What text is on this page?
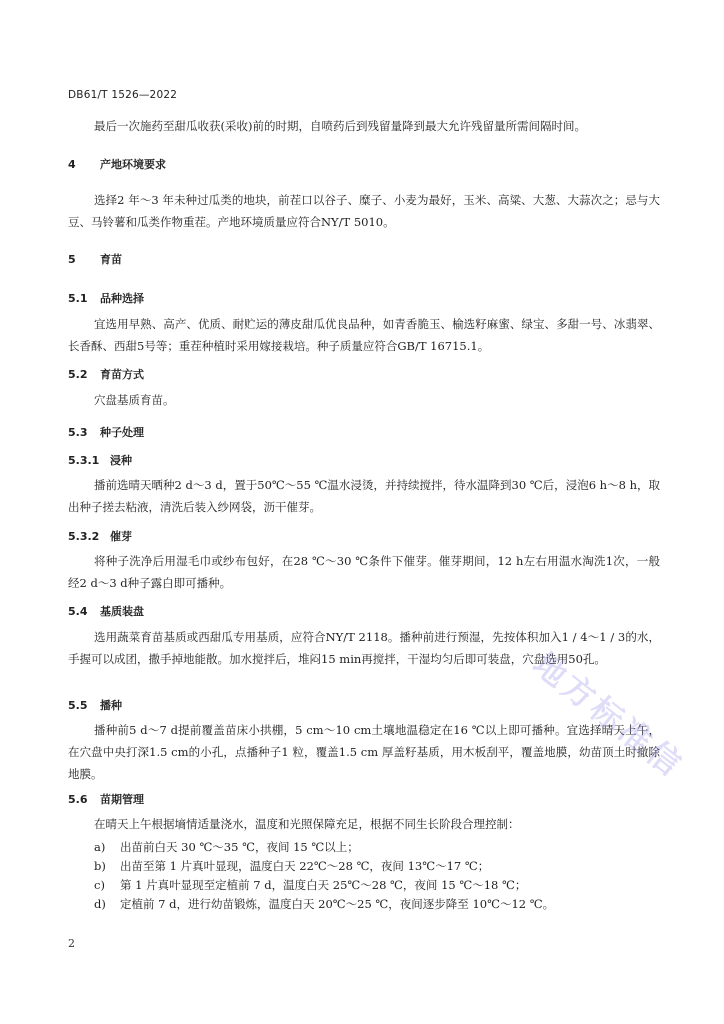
DB61/T 1526—2022

最后一次施药至甜瓜收获(采收)前的时期，自喷药后到残留量降到最大允许残留量所需间隔时间。

4 产地环境要求

选择2 年～3 年未种过瓜类的地块，前茬口以谷子、糜子、小麦为最好，玉米、高粱、大葱、大蒜次之；忌与大豆、马铃薯和瓜类作物重茬。产地环境质量应符合NY/T 5010。

5 育苗
5.1 品种选择

宜选用早熟、高产、优质、耐贮运的薄皮甜瓜优良品种，如青香脆玉、榆选籽麻蜜、绿宝、多甜一号、冰翡翠、长香酥、西甜5号等；重茬种植时采用嫁接栽培。种子质量应符合GB/T 16715.1。

5.2 育苗方式

穴盘基质育苗。

5.3 种子处理
5.3.1 浸种

播前选晴天晒种2 d～3 d，置于50℃～55 ℃温水浸烫，并持续搅拌，待水温降到30 ℃后，浸泡6 h～8 h，取出种子搓去粘液，清洗后装入纱网袋，沥干催芽。

5.3.2 催芽

将种子洗净后用湿毛巾或纱布包好，在28 ℃～30 ℃条件下催芽。催芽期间，12 h左右用温水淘洗1次，一般经2 d～3 d种子露白即可播种。

5.4 基质装盘

选用蔬菜育苗基质或西甜瓜专用基质，应符合NY/T 2118。播种前进行预湿，先按体积加入1 / 4～1 / 3的水，手握可以成团，撒手掉地能散。加水搅拌后，堆闷15 min再搅拌，干湿均匀后即可装盘，穴盘选用50孔。

5.5 播种

播种前5 d～7 d提前覆盖苗床小拱棚，5 cm～10 cm土壤地温稳定在16 ℃以上即可播种。宜选择晴天上午，在穴盘中央打深1.5 cm的小孔，点播种子1 粒，覆盖1.5 cm 厚盖籽基质，用木板刮平，覆盖地膜，幼苗顶土时撤除地膜。

5.6 苗期管理

在晴天上午根据墒情适量浇水，温度和光照保障充足，根据不同生长阶段合理控制：

a) 出苗前白天 30 ℃～35 ℃，夜间 15 ℃以上；
b) 出苗至第 1 片真叶显现，温度白天 22℃～28 ℃，夜间 13℃～17 ℃；
c) 第 1 片真叶显现至定植前 7 d，温度白天 25℃～28 ℃，夜间 15 ℃～18 ℃；
d) 定植前 7 d，进行幼苗锻炼，温度白天 20℃～25 ℃，夜间逐步降至 10℃～12 ℃。
2
地方标准信
